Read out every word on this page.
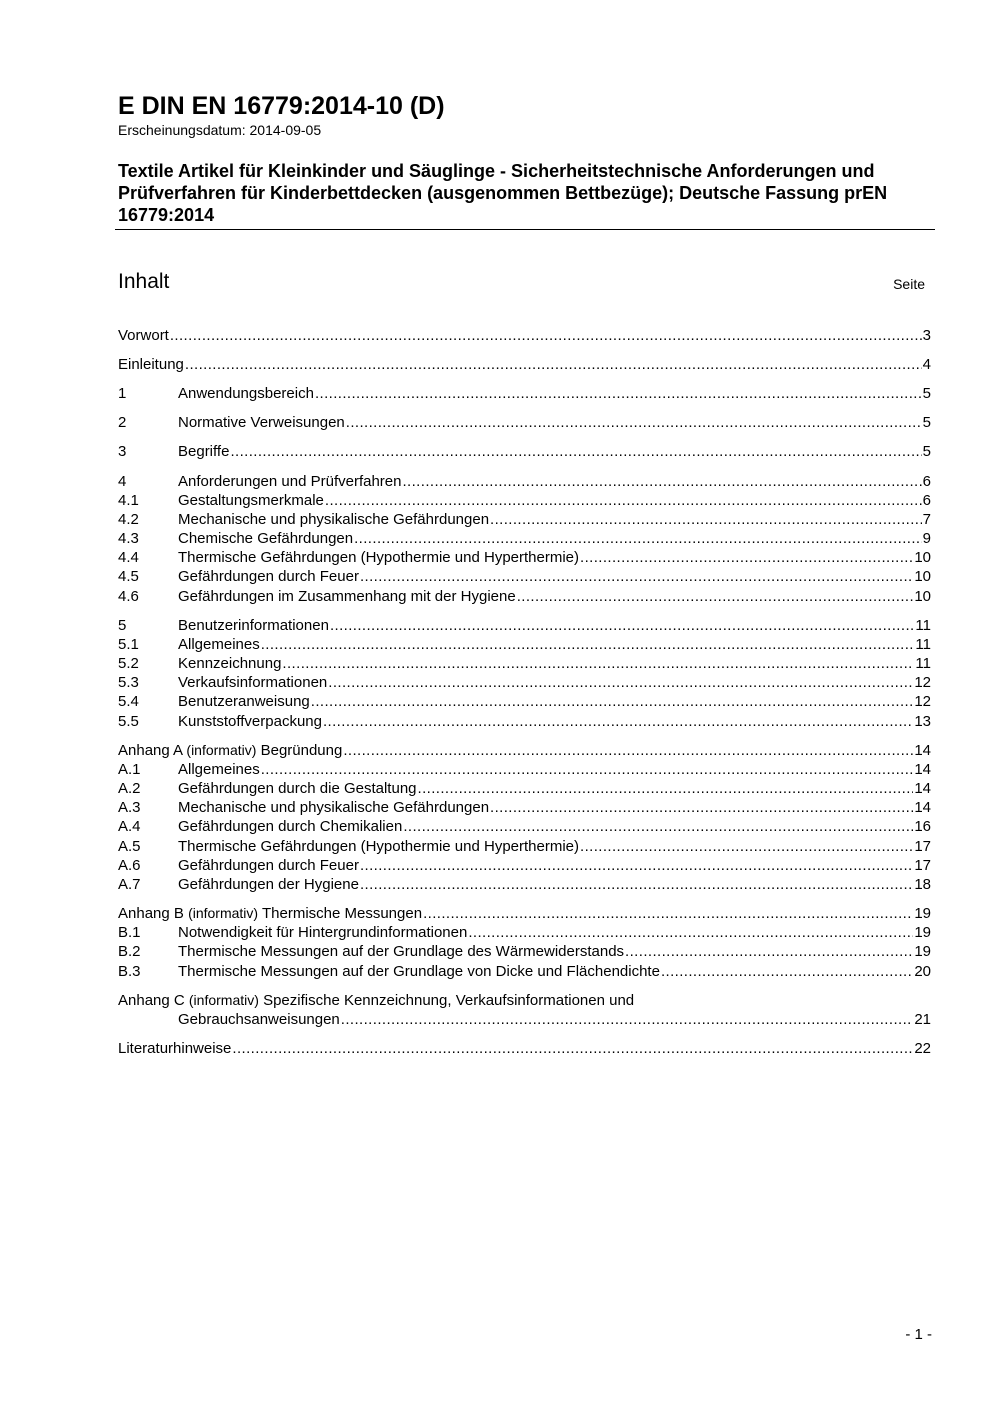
E DIN EN 16779:2014-10 (D)
Erscheinungsdatum: 2014-09-05
Textile Artikel für Kleinkinder und Säuglinge - Sicherheitstechnische Anforderungen und Prüfverfahren für Kinderbettdecken (ausgenommen Bettbezüge); Deutsche Fassung prEN 16779:2014
Inhalt	Seite
Vorwort .....	3
Einleitung .....	4
1	Anwendungsbereich .....	5
2	Normative Verweisungen .....	5
3	Begriffe .....	5
4	Anforderungen und Prüfverfahren .....	6
4.1	Gestaltungsmerkmale .....	6
4.2	Mechanische und physikalische Gefährdungen .....	7
4.3	Chemische Gefährdungen .....	9
4.4	Thermische Gefährdungen (Hypothermie und Hyperthermie) .....	10
4.5	Gefährdungen durch Feuer .....	10
4.6	Gefährdungen im Zusammenhang mit der Hygiene .....	10
5	Benutzerinformationen .....	11
5.1	Allgemeines .....	11
5.2	Kennzeichnung .....	11
5.3	Verkaufsinformationen .....	12
5.4	Benutzeranweisung .....	12
5.5	Kunststoffverpackung .....	13
Anhang A (informativ) Begründung .....	14
A.1	Allgemeines .....	14
A.2	Gefährdungen durch die Gestaltung .....	14
A.3	Mechanische und physikalische Gefährdungen .....	14
A.4	Gefährdungen durch Chemikalien .....	16
A.5	Thermische Gefährdungen (Hypothermie und Hyperthermie) .....	17
A.6	Gefährdungen durch Feuer .....	17
A.7	Gefährdungen der Hygiene .....	18
Anhang B (informativ) Thermische Messungen .....	19
B.1	Notwendigkeit für Hintergrundinformationen .....	19
B.2	Thermische Messungen auf der Grundlage des Wärmewiderstands .....	19
B.3	Thermische Messungen auf der Grundlage von Dicke und Flächendichte .....	20
Anhang C (informativ) Spezifische Kennzeichnung, Verkaufsinformationen und
Gebrauchsanweisungen .....	21
Literaturhinweise .....	22
- 1 -
